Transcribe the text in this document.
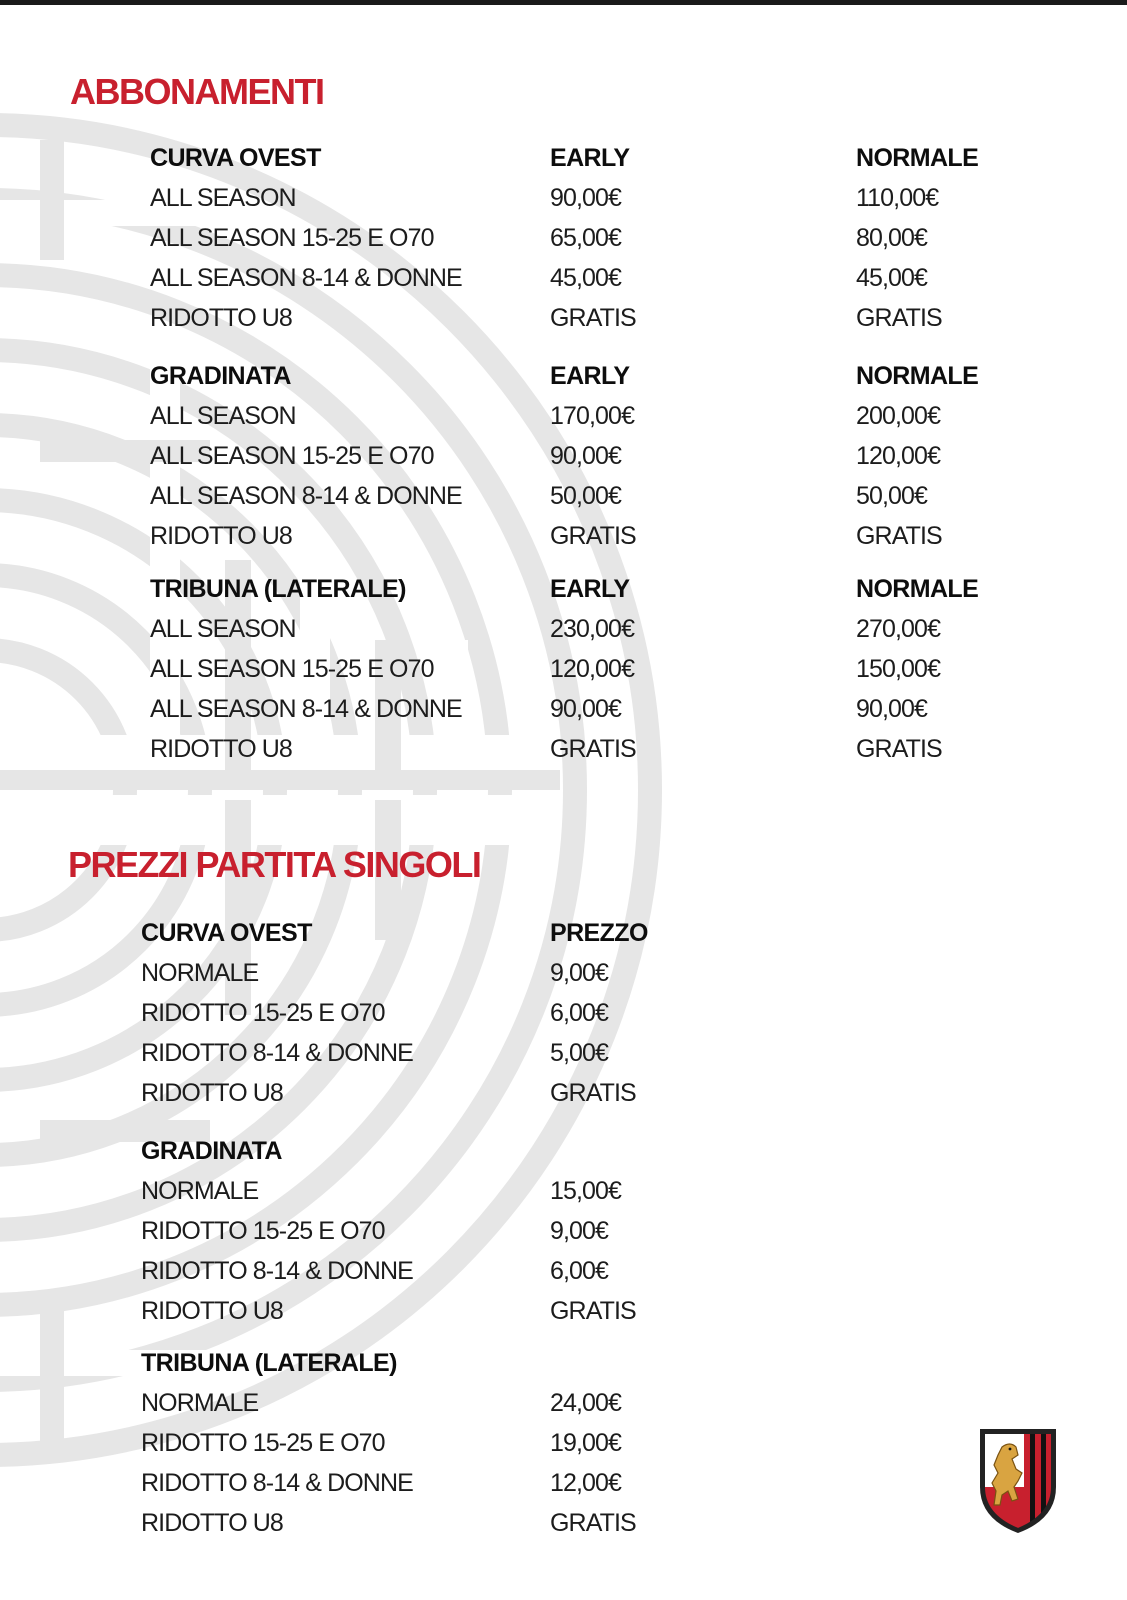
ABBONAMENTI
CURVA OVEST	EARLY	NORMALE
ALL SEASON	90,00€	110,00€
ALL SEASON 15-25 E O70	65,00€	80,00€
ALL SEASON 8-14 & DONNE	45,00€	45,00€
RIDOTTO U8	GRATIS	GRATIS
GRADINATA	EARLY	NORMALE
ALL SEASON	170,00€	200,00€
ALL SEASON 15-25 E O70	90,00€	120,00€
ALL SEASON 8-14 & DONNE	50,00€	50,00€
RIDOTTO U8	GRATIS	GRATIS
TRIBUNA (LATERALE)	EARLY	NORMALE
ALL SEASON	230,00€	270,00€
ALL SEASON 15-25 E O70	120,00€	150,00€
ALL SEASON 8-14 & DONNE	90,00€	90,00€
RIDOTTO U8	GRATIS	GRATIS
PREZZI PARTITA SINGOLI
CURVA OVEST	PREZZO
NORMALE	9,00€
RIDOTTO 15-25 E O70	6,00€
RIDOTTO 8-14 & DONNE	5,00€
RIDOTTO U8	GRATIS
GRADINATA
NORMALE	15,00€
RIDOTTO 15-25 E O70	9,00€
RIDOTTO 8-14 & DONNE	6,00€
RIDOTTO U8	GRATIS
TRIBUNA (LATERALE)
NORMALE	24,00€
RIDOTTO 15-25 E O70	19,00€
RIDOTTO 8-14 & DONNE	12,00€
RIDOTTO U8	GRATIS
